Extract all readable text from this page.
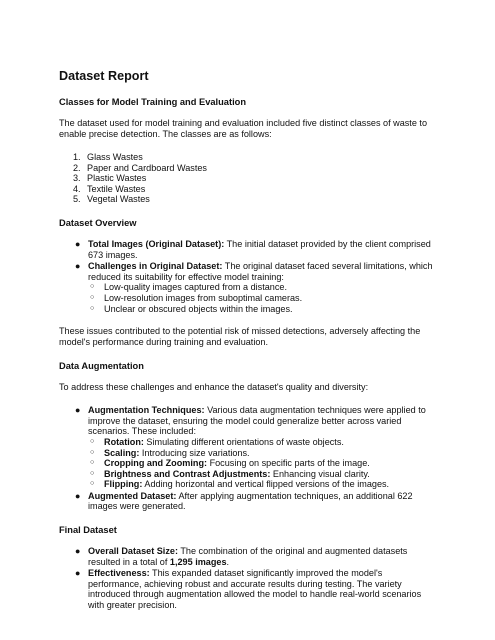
Dataset Report
Classes for Model Training and Evaluation

The dataset used for model training and evaluation included five distinct classes of waste to enable precise detection. The classes are as follows:

1. Glass Wastes
2. Paper and Cardboard Wastes
3. Plastic Wastes
4. Textile Wastes
5. Vegetal Wastes
Dataset Overview
● Total Images (Original Dataset): The initial dataset provided by the client comprised 673 images.
● Challenges in Original Dataset: The original dataset faced several limitations, which reduced its suitability for effective model training:
○ Low-quality images captured from a distance.
○ Low-resolution images from suboptimal cameras.
○ Unclear or obscured objects within the images.

These issues contributed to the potential risk of missed detections, adversely affecting the model's performance during training and evaluation.

Data Augmentation

To address these challenges and enhance the dataset's quality and diversity:

● Augmentation Techniques: Various data augmentation techniques were applied to improve the dataset, ensuring the model could generalize better across varied scenarios. These included:
○ Rotation: Simulating different orientations of waste objects.
○ Scaling: Introducing size variations.
○ Cropping and Zooming: Focusing on specific parts of the image.
○ Brightness and Contrast Adjustments: Enhancing visual clarity.
○ Flipping: Adding horizontal and vertical flipped versions of the images.
● Augmented Dataset: After applying augmentation techniques, an additional 622 images were generated.
Final Dataset
● Overall Dataset Size: The combination of the original and augmented datasets resulted in a total of 1,295 images.
● Effectiveness: This expanded dataset significantly improved the model's performance, achieving robust and accurate results during testing. The variety introduced through augmentation allowed the model to handle real-world scenarios with greater precision.
